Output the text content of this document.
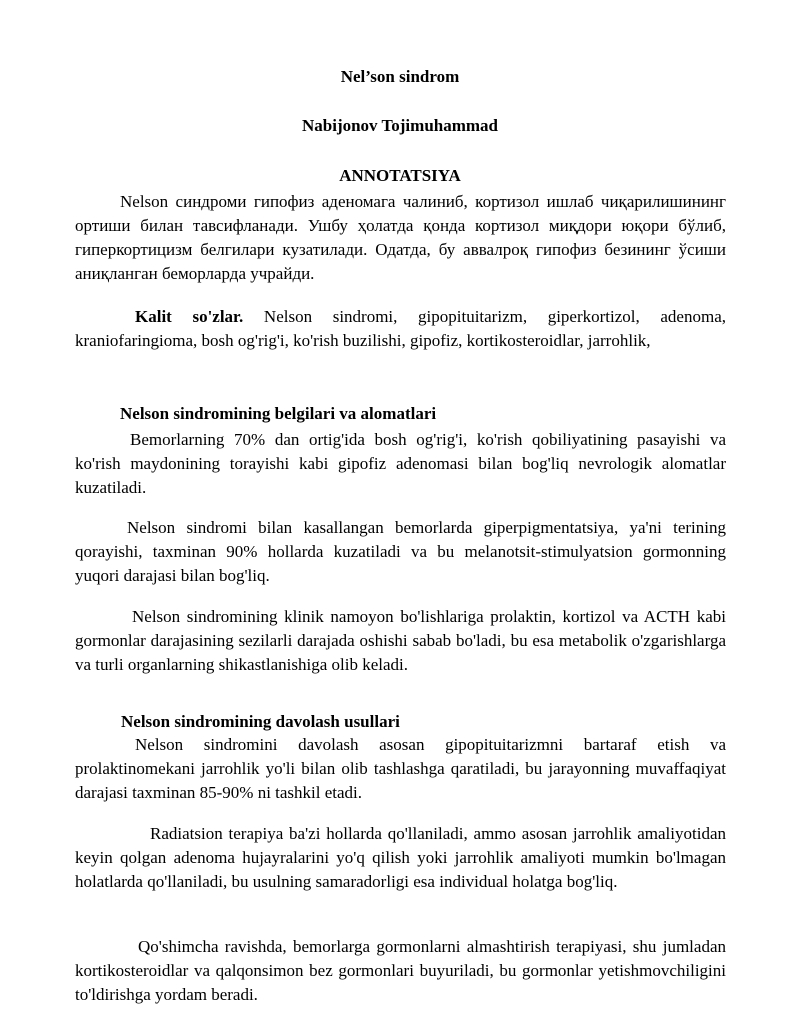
Nel’son sindrom
Nabijonov Tojimuhammad
ANNOTATSIYA
Nelson синдроми гипофиз аденомага чалиниб, кортизол ишлаб чиқарилишининг ортиши билан тавсифланади. Ушбу ҳолатда қонда кортизол миқдори юқори бўлиб, гиперкортицизм белгилари кузатилади. Одатда, бу аввалроқ гипофиз безининг ўсиши аниқланган беморларда учрайди.
Kalit so'zlar. Nelson sindromi, gipopituitarizm, giperkortizol, adenoma, kraniofaringioma, bosh og'rig'i, ko'rish buzilishi, gipofiz, kortikosteroidlar, jarrohlik,
Nelson sindromining belgilari va alomatlari
Bemorlarning 70% dan ortig'ida bosh og'rig'i, ko'rish qobiliyatining pasayishi va ko'rish maydonining torayishi kabi gipofiz adenomasi bilan bog'liq nevrologik alomatlar kuzatiladi.
Nelson sindromi bilan kasallangan bemorlarda giperpigmentatsiya, ya'ni terining qorayishi, taxminan 90% hollarda kuzatiladi va bu melanotsit-stimulyatsion gormonning yuqori darajasi bilan bog'liq.
Nelson sindromining klinik namoyon bo'lishlariga prolaktin, kortizol va ACTH kabi gormonlar darajasining sezilarli darajada oshishi sabab bo'ladi, bu esa metabolik o'zgarishlarga va turli organlarning shikastlanishiga olib keladi.
Nelson sindromining davolash usullari
Nelson sindromini davolash asosan gipopituitarizmni bartaraf etish va prolaktinomekani jarrohlik yo'li bilan olib tashlashga qaratiladi, bu jarayonning muvaffaqiyat darajasi taxminan 85-90% ni tashkil etadi.
Radiatsion terapiya ba'zi hollarda qo'llaniladi, ammo asosan jarrohlik amaliyotidan keyin qolgan adenoma hujayralarini yo'q qilish yoki jarrohlik amaliyoti mumkin bo'lmagan holatlarda qo'llaniladi, bu usulning samaradorligi esa individual holatga bog'liq.
Qo'shimcha ravishda, bemorlarga gormonlarni almashtirish terapiyasi, shu jumladan kortikosteroidlar va qalqonsimon bez gormonlari buyuriladi, bu gormonlar yetishmovchiligini to'ldirishga yordam beradi.
